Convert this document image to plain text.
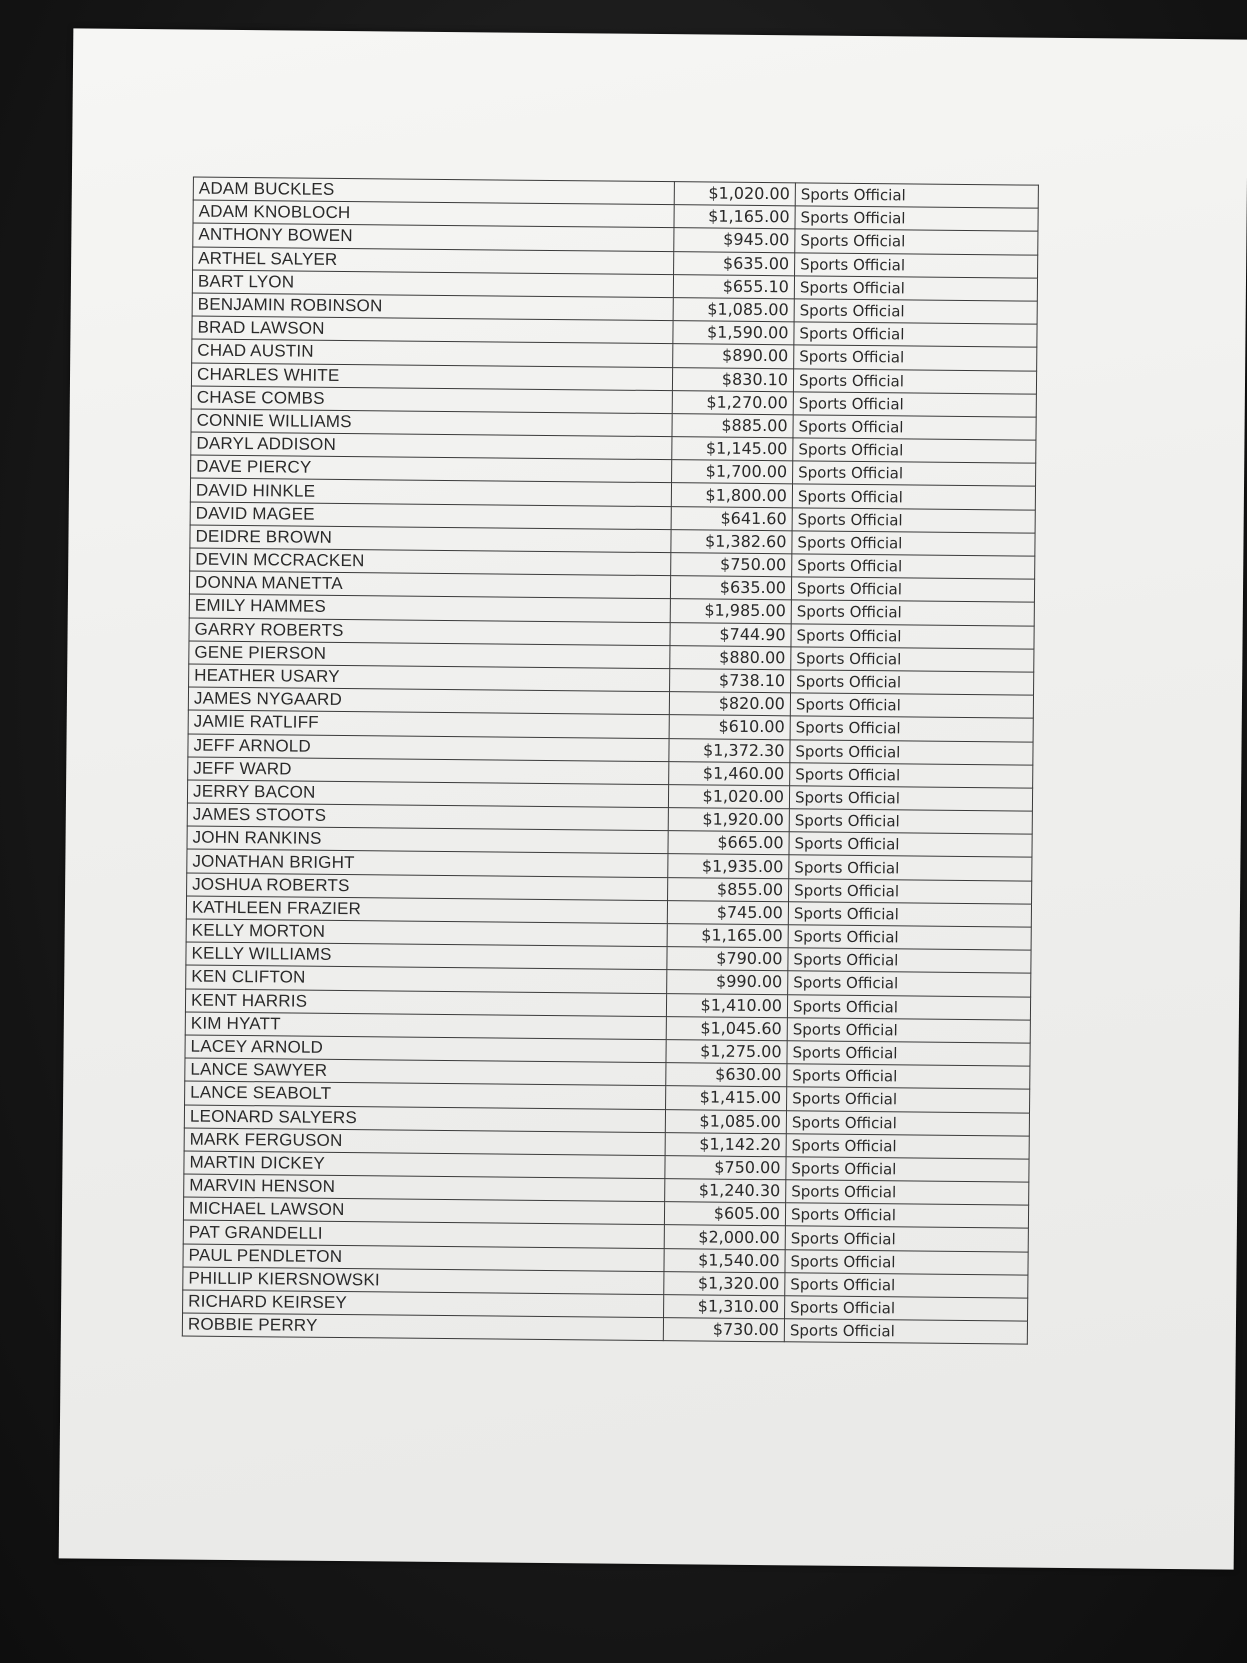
ADAM BUCKLES	$1,020.00	Sports Official
ADAM KNOBLOCH	$1,165.00	Sports Official
ANTHONY BOWEN	$945.00	Sports Official
ARTHEL SALYER	$635.00	Sports Official
BART LYON	$655.10	Sports Official
BENJAMIN ROBINSON	$1,085.00	Sports Official
BRAD LAWSON	$1,590.00	Sports Official
CHAD AUSTIN	$890.00	Sports Official
CHARLES WHITE	$830.10	Sports Official
CHASE COMBS	$1,270.00	Sports Official
CONNIE WILLIAMS	$885.00	Sports Official
DARYL ADDISON	$1,145.00	Sports Official
DAVE PIERCY	$1,700.00	Sports Official
DAVID HINKLE	$1,800.00	Sports Official
DAVID MAGEE	$641.60	Sports Official
DEIDRE BROWN	$1,382.60	Sports Official
DEVIN MCCRACKEN	$750.00	Sports Official
DONNA MANETTA	$635.00	Sports Official
EMILY HAMMES	$1,985.00	Sports Official
GARRY ROBERTS	$744.90	Sports Official
GENE PIERSON	$880.00	Sports Official
HEATHER USARY	$738.10	Sports Official
JAMES NYGAARD	$820.00	Sports Official
JAMIE RATLIFF	$610.00	Sports Official
JEFF ARNOLD	$1,372.30	Sports Official
JEFF WARD	$1,460.00	Sports Official
JERRY BACON	$1,020.00	Sports Official
JAMES STOOTS	$1,920.00	Sports Official
JOHN RANKINS	$665.00	Sports Official
JONATHAN BRIGHT	$1,935.00	Sports Official
JOSHUA ROBERTS	$855.00	Sports Official
KATHLEEN FRAZIER	$745.00	Sports Official
KELLY MORTON	$1,165.00	Sports Official
KELLY WILLIAMS	$790.00	Sports Official
KEN CLIFTON	$990.00	Sports Official
KENT HARRIS	$1,410.00	Sports Official
KIM HYATT	$1,045.60	Sports Official
LACEY ARNOLD	$1,275.00	Sports Official
LANCE SAWYER	$630.00	Sports Official
LANCE SEABOLT	$1,415.00	Sports Official
LEONARD SALYERS	$1,085.00	Sports Official
MARK FERGUSON	$1,142.20	Sports Official
MARTIN DICKEY	$750.00	Sports Official
MARVIN HENSON	$1,240.30	Sports Official
MICHAEL LAWSON	$605.00	Sports Official
PAT GRANDELLI	$2,000.00	Sports Official
PAUL PENDLETON	$1,540.00	Sports Official
PHILLIP KIERSNOWSKI	$1,320.00	Sports Official
RICHARD KEIRSEY	$1,310.00	Sports Official
ROBBIE PERRY	$730.00	Sports Official
